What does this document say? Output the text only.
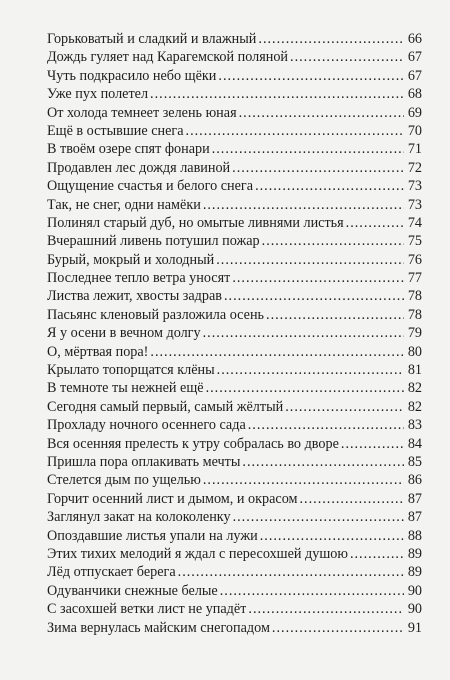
Горьковатый и сладкий и влажный .....	66
Дождь гуляет над Карагемской поляной .....	67
Чуть подкрасило небо щёки .....	67
Уже пух полетел .....	68
От холода темнеет зелень юная .....	69
Ещё в остывшие снега .....	70
В твоём озере спят фонари .....	71
Продавлен лес дождя лавиной .....	72
Ощущение счастья и белого снега .....	73
Так, не снег, одни намёки .....	73
Полинял старый дуб, но омытые ливнями листья .....	74
Вчерашний ливень потушил пожар .....	75
Бурый, мокрый и холодный .....	76
Последнее тепло ветра уносят .....	77
Листва лежит, хвосты задрав .....	78
Пасьянс кленовый разложила осень .....	78
Я у осени в вечном долгу .....	79
О, мёртвая пора! .....	80
Крылато топорщатся клёны .....	81
В темноте ты нежней ещё .....	82
Сегодня самый первый, самый жёлтый .....	82
Прохладу ночного осеннего сада .....	83
Вся осенняя прелесть к утру собралась во дворе .....	84
Пришла пора оплакивать мечты .....	85
Стелется дым по ущелью .....	86
Горчит осенний лист и дымом, и окрасом .....	87
Заглянул закат на колоколенку .....	87
Опоздавшие листья упали на лужи .....	88
Этих тихих мелодий я ждал с пересохшей душою .....	89
Лёд отпускает берега .....	89
Одуванчики снежные белые .....	90
С засохшей ветки лист не упадёт .....	90
Зима вернулась майским снегопадом .....	91
